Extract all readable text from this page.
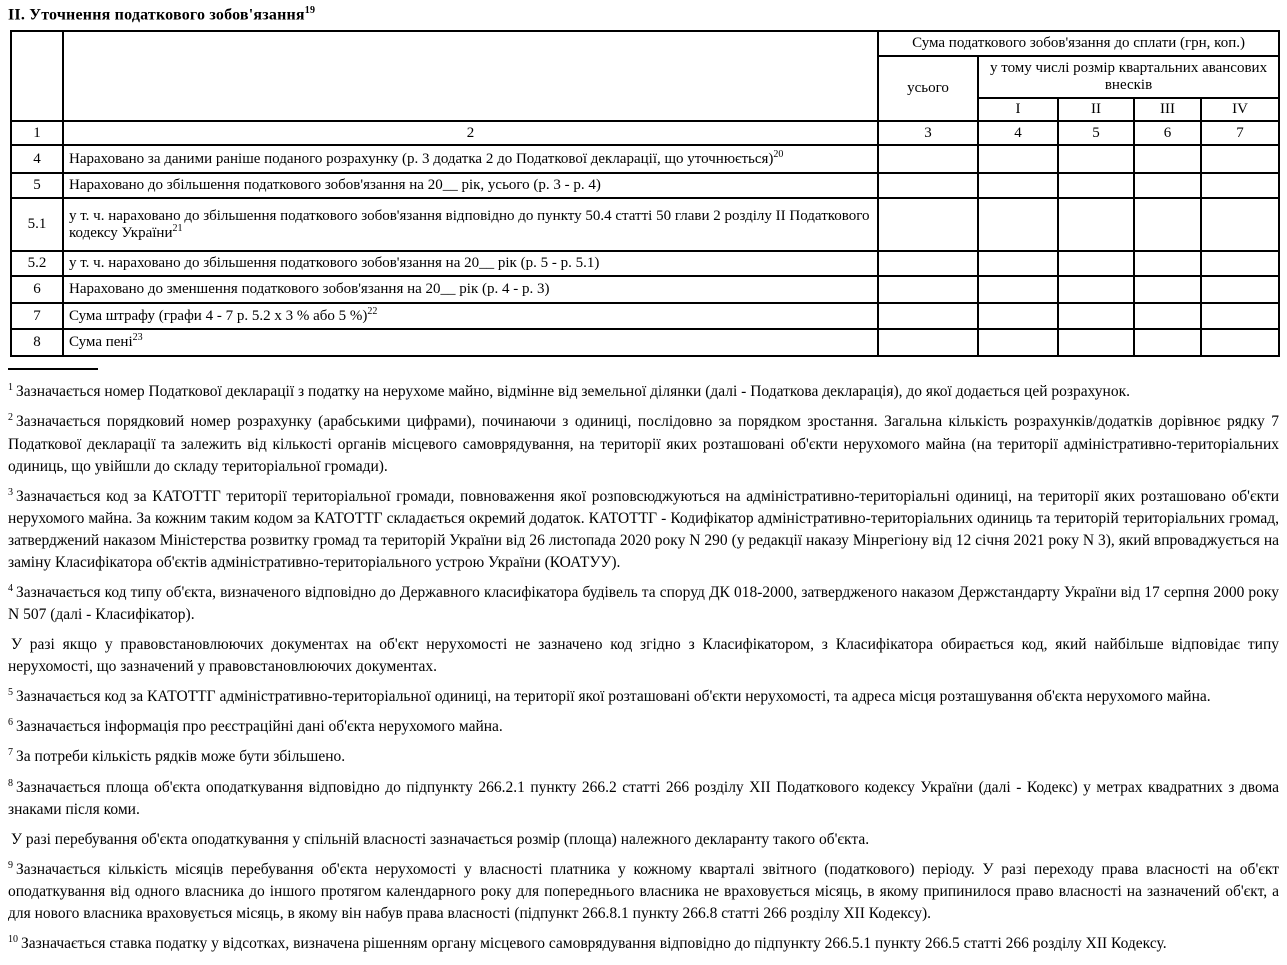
II. Уточнення податкового зобов'язання$^{19}$
		Сума податкового зобов'язання до сплати (грн, коп.)				
		усього	у тому числі розмір квартальних авансових внесків			
			I	II	III	IV
1	2	3	4	5	6	7
4	Нараховано за даними раніше поданого розрахунку (р. 3 додатка 2 до Податкової декларації, що уточнюється)$^{20}$					
5	Нараховано до збільшення податкового зобов'язання на 20__ рік, усього (р. 3 - р. 4)					
5.1	у т. ч. нараховано до збільшення податкового зобов'язання відповідно до пункту 50.4 статті 50 глави 2 розділу II Податкового кодексу України$^{21}$					
5.2	у т. ч. нараховано до збільшення податкового зобов'язання на 20__ рік (р. 5 - р. 5.1)					
6	Нараховано до зменшення податкового зобов'язання на 20__ рік (р. 4 - р. 3)					
7	Сума штрафу (графи 4 - 7 р. 5.2 х 3 % або 5 %)$^{22}$					
8	Сума пені$^{23}$					

$^1$ Зазначається номер Податкової декларації з податку на нерухоме майно, відмінне від земельної ділянки (далі - Податкова декларація), до якої додається цей розрахунок.

$^2$ Зазначається порядковий номер розрахунку (арабськими цифрами), починаючи з одиниці, послідовно за порядком зростання. Загальна кількість розрахунків/додатків дорівнює рядку 7 Податкової декларації та залежить від кількості органів місцевого самоврядування, на території яких розташовані об'єкти нерухомого майна (на території адміністративно-територіальних одиниць, що увійшли до складу територіальної громади).

$^3$ Зазначається код за КАТОТТГ території територіальної громади, повноваження якої розповсюджуються на адміністративно-територіальні одиниці, на території яких розташовано об'єкти нерухомого майна. За кожним таким кодом за КАТОТТГ складається окремий додаток. КАТОТТГ - Кодифікатор адміністративно-територіальних одиниць та територій територіальних громад, затверджений наказом Міністерства розвитку громад та територій України від 26 листопада 2020 року N 290 (у редакції наказу Мінрегіону від 12 січня 2021 року N 3), який впроваджується на заміну Класифікатора об'єктів адміністративно-територіального устрою України (КОАТУУ).

$^4$ Зазначається код типу об'єкта, визначеного відповідно до Державного класифікатора будівель та споруд ДК 018-2000, затвердженого наказом Держстандарту України від 17 серпня 2000 року N 507 (далі - Класифікатор).

У разі якщо у правовстановлюючих документах на об'єкт нерухомості не зазначено код згідно з Класифікатором, з Класифікатора обирається код, який найбільше відповідає типу нерухомості, що зазначений у правовстановлюючих документах.

$^5$ Зазначається код за КАТОТТГ адміністративно-територіальної одиниці, на території якої розташовані об'єкти нерухомості, та адреса місця розташування об'єкта нерухомого майна.

$^6$ Зазначається інформація про реєстраційні дані об'єкта нерухомого майна.

$^7$ За потреби кількість рядків може бути збільшено.

$^8$ Зазначається площа об'єкта оподаткування відповідно до підпункту 266.2.1 пункту 266.2 статті 266 розділу XII Податкового кодексу України (далі - Кодекс) у метрах квадратних з двома знаками після коми.

У разі перебування об'єкта оподаткування у спільній власності зазначається розмір (площа) належного декларанту такого об'єкта.

$^9$ Зазначається кількість місяців перебування об'єкта нерухомості у власності платника у кожному кварталі звітного (податкового) періоду. У разі переходу права власності на об'єкт оподаткування від одного власника до іншого протягом календарного року для попереднього власника не враховується місяць, в якому припинилося право власності на зазначений об'єкт, а для нового власника враховується місяць, в якому він набув права власності (підпункт 266.8.1 пункту 266.8 статті 266 розділу XII Кодексу).

$^{10}$ Зазначається ставка податку у відсотках, визначена рішенням органу місцевого самоврядування відповідно до підпункту 266.5.1 пункту 266.5 статті 266 розділу XII Кодексу.
